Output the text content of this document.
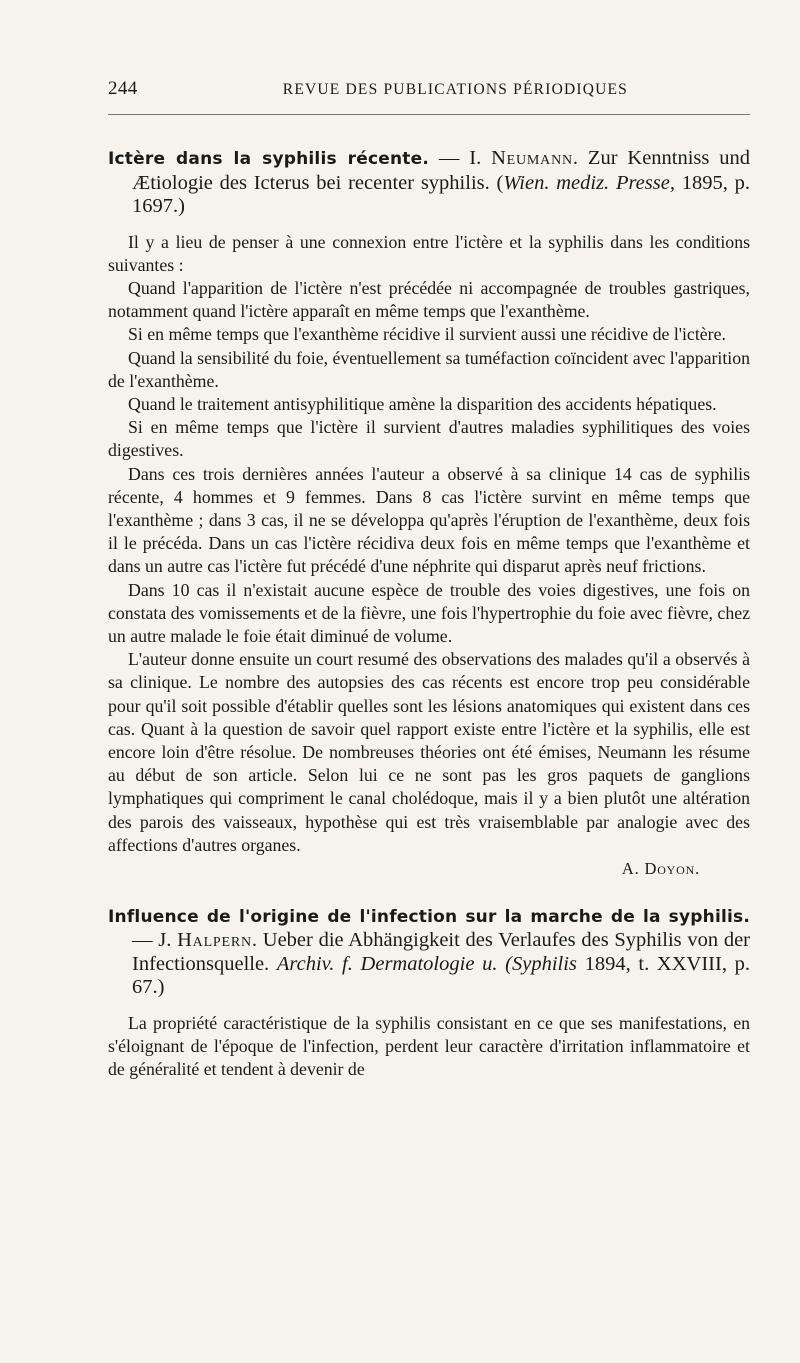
244	REVUE DES PUBLICATIONS PÉRIODIQUES

Ictère dans la syphilis récente. — I. Neumann. Zur Kenntniss und Ætiologie des Icterus bei recenter syphilis. (Wien. mediz. Presse, 1895, p. 1697.)

Il y a lieu de penser à une connexion entre l'ictère et la syphilis dans les conditions suivantes :

Quand l'apparition de l'ictère n'est précédée ni accompagnée de troubles gastriques, notamment quand l'ictère apparaît en même temps que l'exanthème.

Si en même temps que l'exanthème récidive il survient aussi une récidive de l'ictère.

Quand la sensibilité du foie, éventuellement sa tuméfaction coïncident avec l'apparition de l'exanthème.

Quand le traitement antisyphilitique amène la disparition des accidents hépatiques.

Si en même temps que l'ictère il survient d'autres maladies syphilitiques des voies digestives.

Dans ces trois dernières années l'auteur a observé à sa clinique 14 cas de syphilis récente, 4 hommes et 9 femmes. Dans 8 cas l'ictère survint en même temps que l'exanthème ; dans 3 cas, il ne se développa qu'après l'éruption de l'exanthème, deux fois il le précéda. Dans un cas l'ictère récidiva deux fois en même temps que l'exanthème et dans un autre cas l'ictère fut précédé d'une néphrite qui disparut après neuf frictions.

Dans 10 cas il n'existait aucune espèce de trouble des voies digestives, une fois on constata des vomissements et de la fièvre, une fois l'hypertrophie du foie avec fièvre, chez un autre malade le foie était diminué de volume.

L'auteur donne ensuite un court resumé des observations des malades qu'il a observés à sa clinique. Le nombre des autopsies des cas récents est encore trop peu considérable pour qu'il soit possible d'établir quelles sont les lésions anatomiques qui existent dans ces cas. Quant à la question de savoir quel rapport existe entre l'ictère et la syphilis, elle est encore loin d'être résolue. De nombreuses théories ont été émises, Neumann les résume au début de son article. Selon lui ce ne sont pas les gros paquets de ganglions lymphatiques qui compriment le canal cholédoque, mais il y a bien plutôt une altération des parois des vaisseaux, hypothèse qui est très vraisemblable par analogie avec des affections d'autres organes.

A. Doyon.

Influence de l'origine de l'infection sur la marche de la syphilis. — J. Halpern. Ueber die Abhängigkeit des Verlaufes des Syphilis von der Infectionsquelle. Archiv. f. Dermatologie u. (Syphilis 1894, t. XXVIII, p. 67.)

La propriété caractéristique de la syphilis consistant en ce que ses manifestations, en s'éloignant de l'époque de l'infection, perdent leur caractère d'irritation inflammatoire et de généralité et tendent à devenir de
